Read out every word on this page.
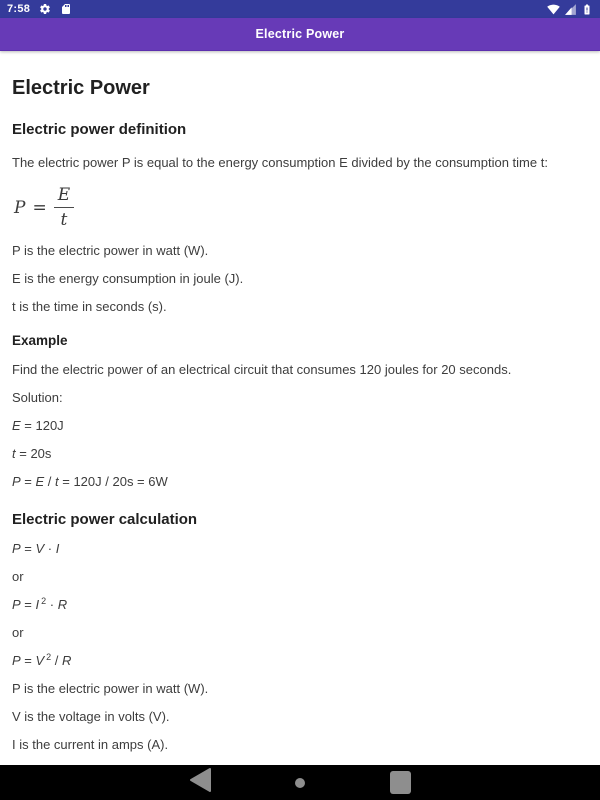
7:58
Electric Power
Electric Power
Electric power definition

The electric power P is equal to the energy consumption E divided by the consumption time t:

$P = \frac{E}{t}$

P is the electric power in watt (W).

E is the energy consumption in joule (J).

t is the time in seconds (s).

Example

Find the electric power of an electrical circuit that consumes 120 joules for 20 seconds.

Solution:

E = 120J

t = 20s

P = E / t = 120J / 20s = 6W

Electric power calculation

P = V · I

or

P = I $^2$ · R

or

P = V $^2$ / R

P is the electric power in watt (W).

V is the voltage in volts (V).

I is the current in amps (A).
